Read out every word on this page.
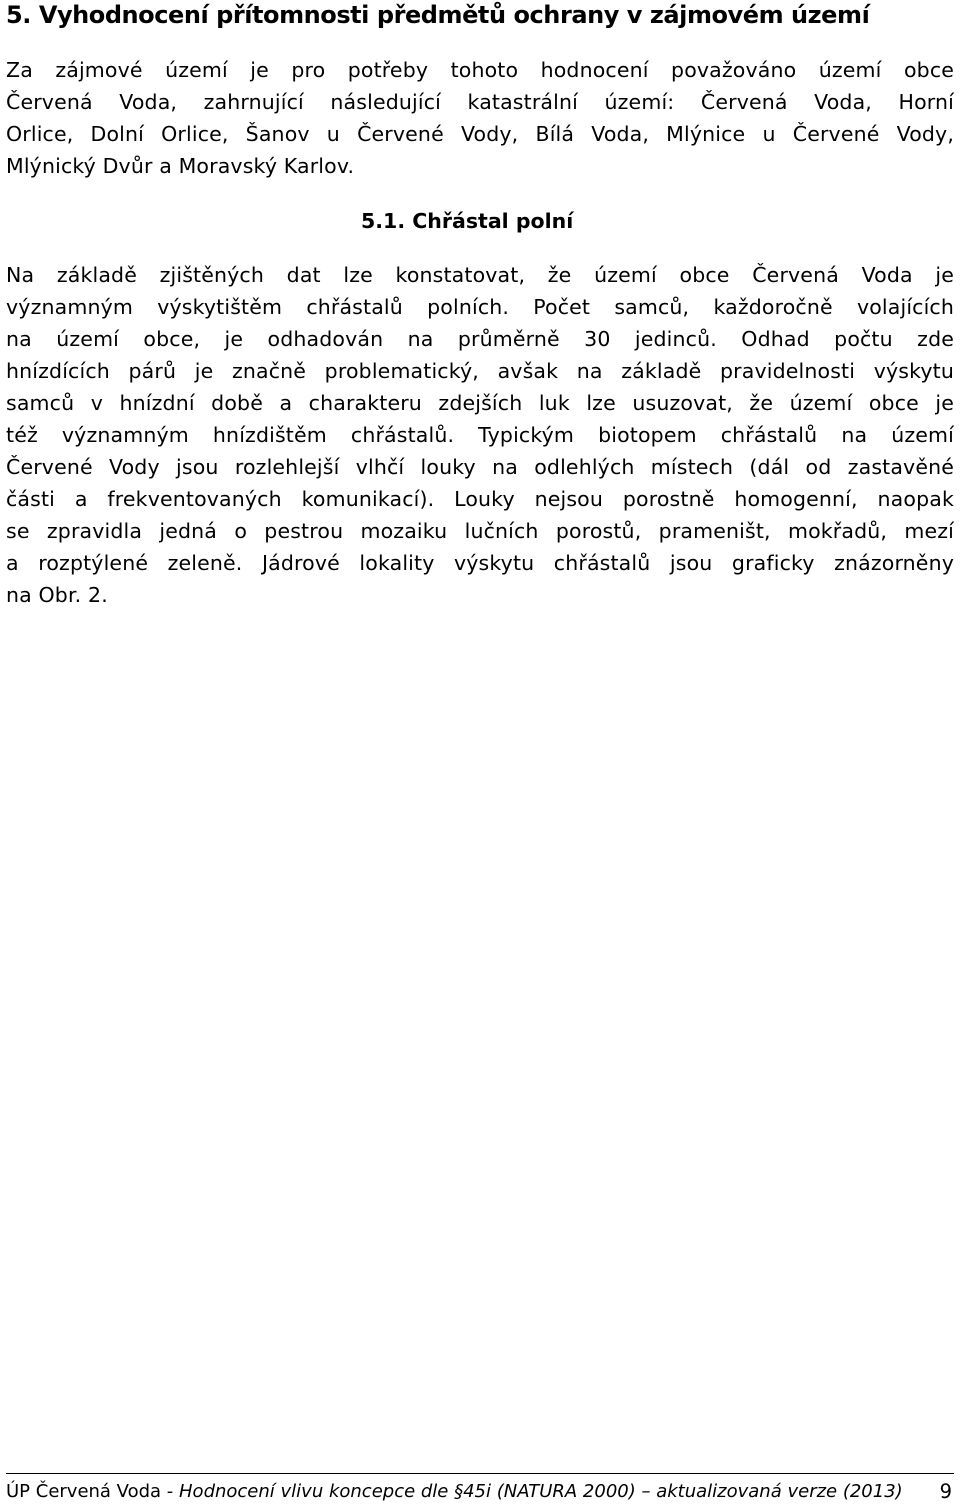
5. Vyhodnocení přítomnosti předmětů ochrany v zájmovém území
Za zájmové území je pro potřeby tohoto hodnocení považováno území obce
Červená Voda, zahrnující následující katastrální území: Červená Voda, Horní
Orlice, Dolní Orlice, Šanov u Červené Vody, Bílá Voda, Mlýnice u Červené Vody,
Mlýnický Dvůr a Moravský Karlov.
5.1. Chřástal polní
Na základě zjištěných dat lze konstatovat, že území obce Červená Voda je
významným výskytištěm chřástalů polních. Počet samců, každoročně volajících
na území obce, je odhadován na průměrně 30 jedinců. Odhad počtu zde
hnízdících párů je značně problematický, avšak na základě pravidelnosti výskytu
samců v hnízdní době a charakteru zdejších luk lze usuzovat, že území obce je
též významným hnízdištěm chřástalů. Typickým biotopem chřástalů na území
Červené Vody jsou rozlehlejší vlhčí louky na odlehlých místech (dál od zastavěné
části a frekventovaných komunikací). Louky nejsou porostně homogenní, naopak
se zpravidla jedná o pestrou mozaiku lučních porostů, prameništ, mokřadů, mezí
a rozptýlené zeleně. Jádrové lokality výskytu chřástalů jsou graficky znázorněny
na Obr. 2.
ÚP Červená Voda - Hodnocení vlivu koncepce dle §45i (NATURA 2000) – aktualizovaná verze (2013) 9
